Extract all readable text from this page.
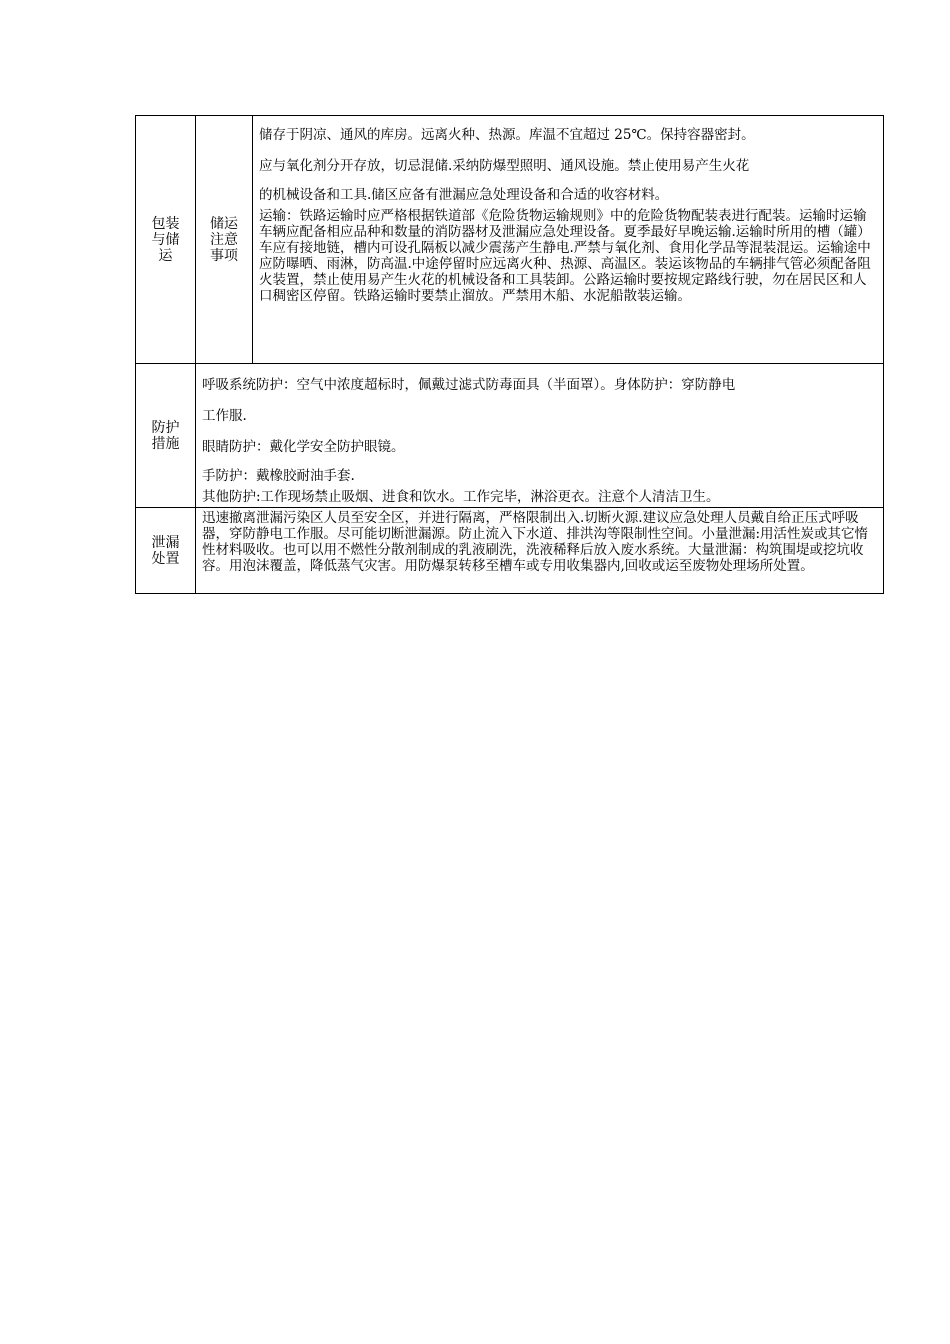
包装与储运	储运注意事项	储存于阴凉、通风的库房。远离火种、热源。库温不宜超过 25℃。保持容器密封。

应与氧化剂分开存放，切忌混储.采纳防爆型照明、通风设施。禁止使用易产生火花

的机械设备和工具.储区应备有泄漏应急处理设备和合适的收容材料。

运输：铁路运输时应严格根据铁道部《危险货物运输规则》中的危险货物配装表进行配装。运输时运输车辆应配备相应品种和数量的消防器材及泄漏应急处理设备。夏季最好早晚运输.运输时所用的槽（罐）车应有接地链，槽内可设孔隔板以减少震荡产生静电.严禁与氧化剂、食用化学品等混装混运。运输途中应防曝晒、雨淋，防高温.中途停留时应远离火种、热源、高温区。装运该物品的车辆排气管必须配备阻火装置，禁止使用易产生火花的机械设备和工具装卸。公路运输时要按规定路线行驶，勿在居民区和人口稠密区停留。铁路运输时要禁止溜放。严禁用木船、水泥船散装运输。

防护措施	呼吸系统防护：空气中浓度超标时，佩戴过滤式防毒面具（半面罩）。身体防护：穿防静电

工作服.

眼睛防护：戴化学安全防护眼镜。

手防护：戴橡胶耐油手套.

其他防护:工作现场禁止吸烟、进食和饮水。工作完毕，淋浴更衣。注意个人清洁卫生。	

泄漏处置	迅速撤离泄漏污染区人员至安全区，并进行隔离，严格限制出入.切断火源.建议应急处理人员戴自给正压式呼吸器，穿防静电工作服。尽可能切断泄漏源。防止流入下水道、排洪沟等限制性空间。小量泄漏:用活性炭或其它惰性材料吸收。也可以用不燃性分散剂制成的乳液刷洗，洗液稀释后放入废水系统。大量泄漏：构筑围堤或挖坑收容。用泡沫覆盖，降低蒸气灾害。用防爆泵转移至槽车或专用收集器内,回收或运至废物处理场所处置。	
